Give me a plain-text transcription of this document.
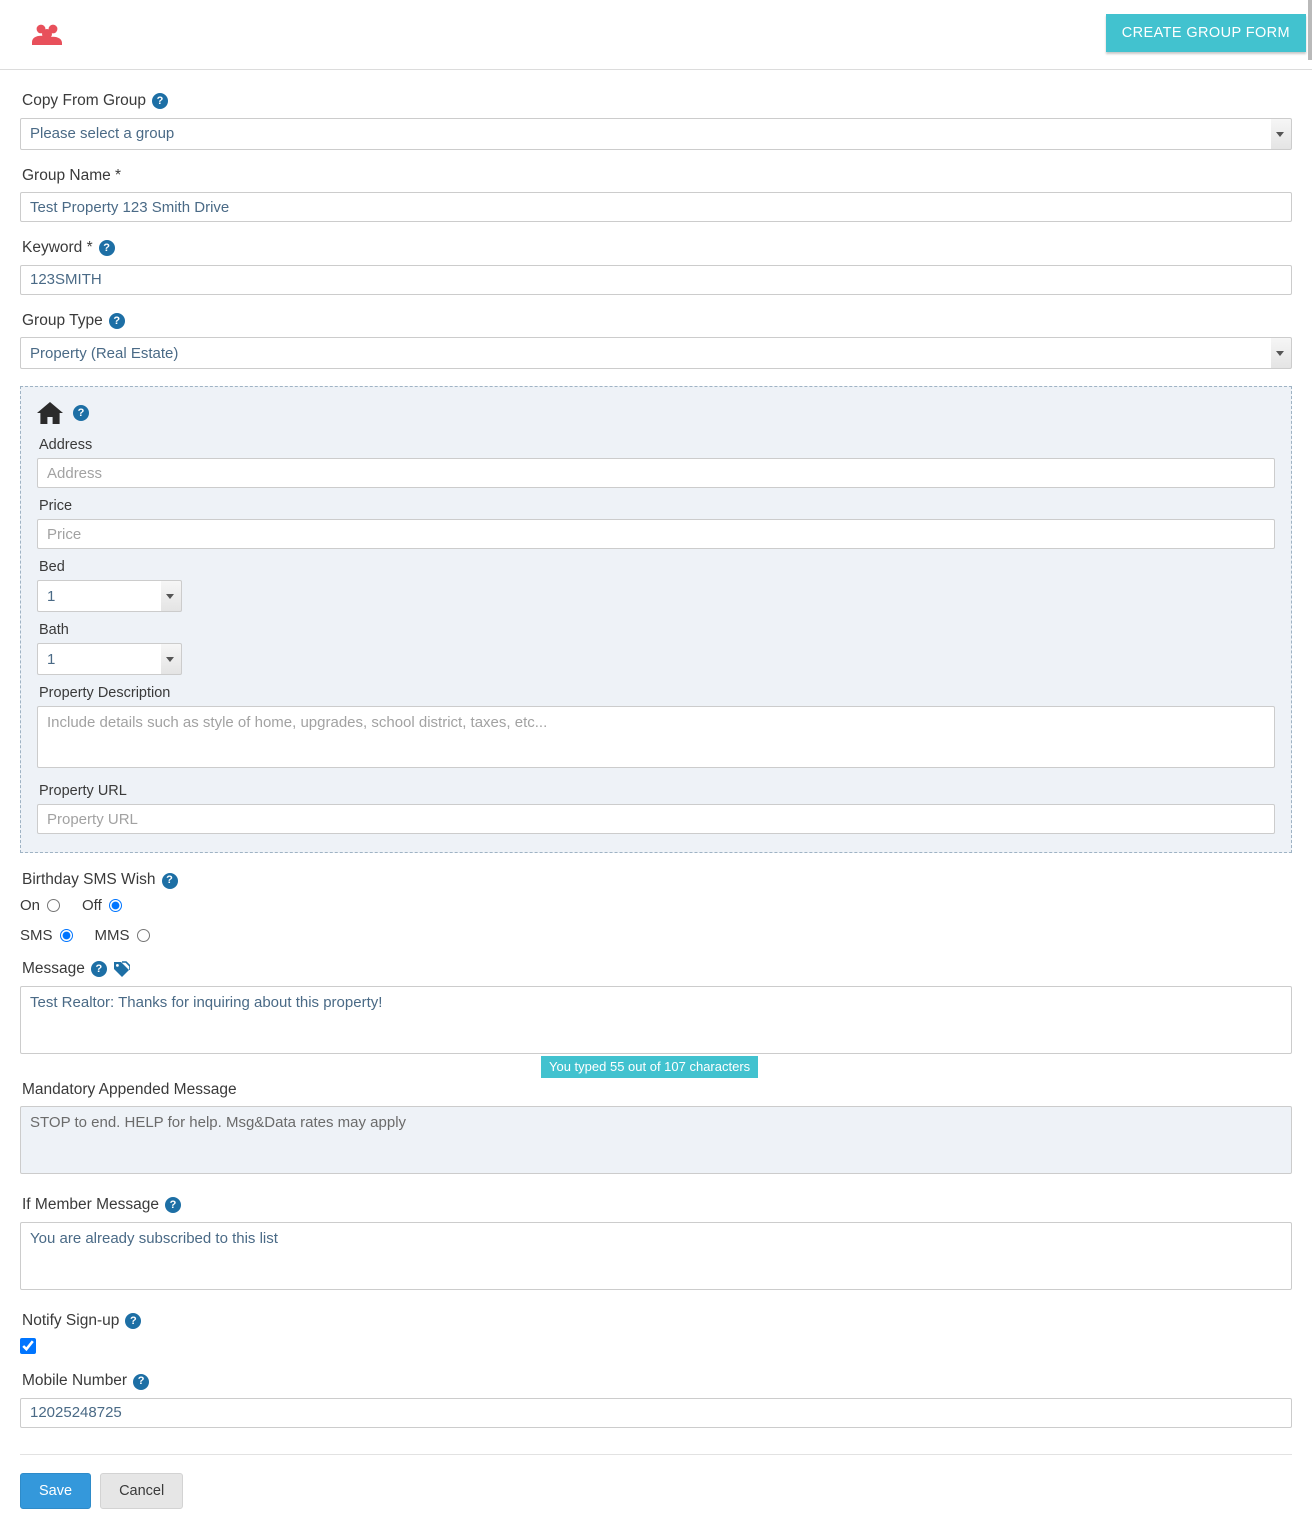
CREATE GROUP FORM
Copy From Group ?
Please select a group
Group Name *
Test Property 123 Smith Drive
Keyword * ?
123SMITH
Group Type ?
Property (Real Estate)
?
Address
Address
Price
Price
Bed
1
Bath
1
Property Description
Include details such as style of home, upgrades, school district, taxes, etc...
Property URL
Property URL
Birthday SMS Wish ?
On	Off
SMS	MMS
Message ?
Test Realtor: Thanks for inquiring about this property!
You typed 55 out of 107 characters
Mandatory Appended Message
STOP to end. HELP for help. Msg&Data rates may apply
If Member Message ?
You are already subscribed to this list
Notify Sign-up ?
Mobile Number ?
12025248725
Save	Cancel
